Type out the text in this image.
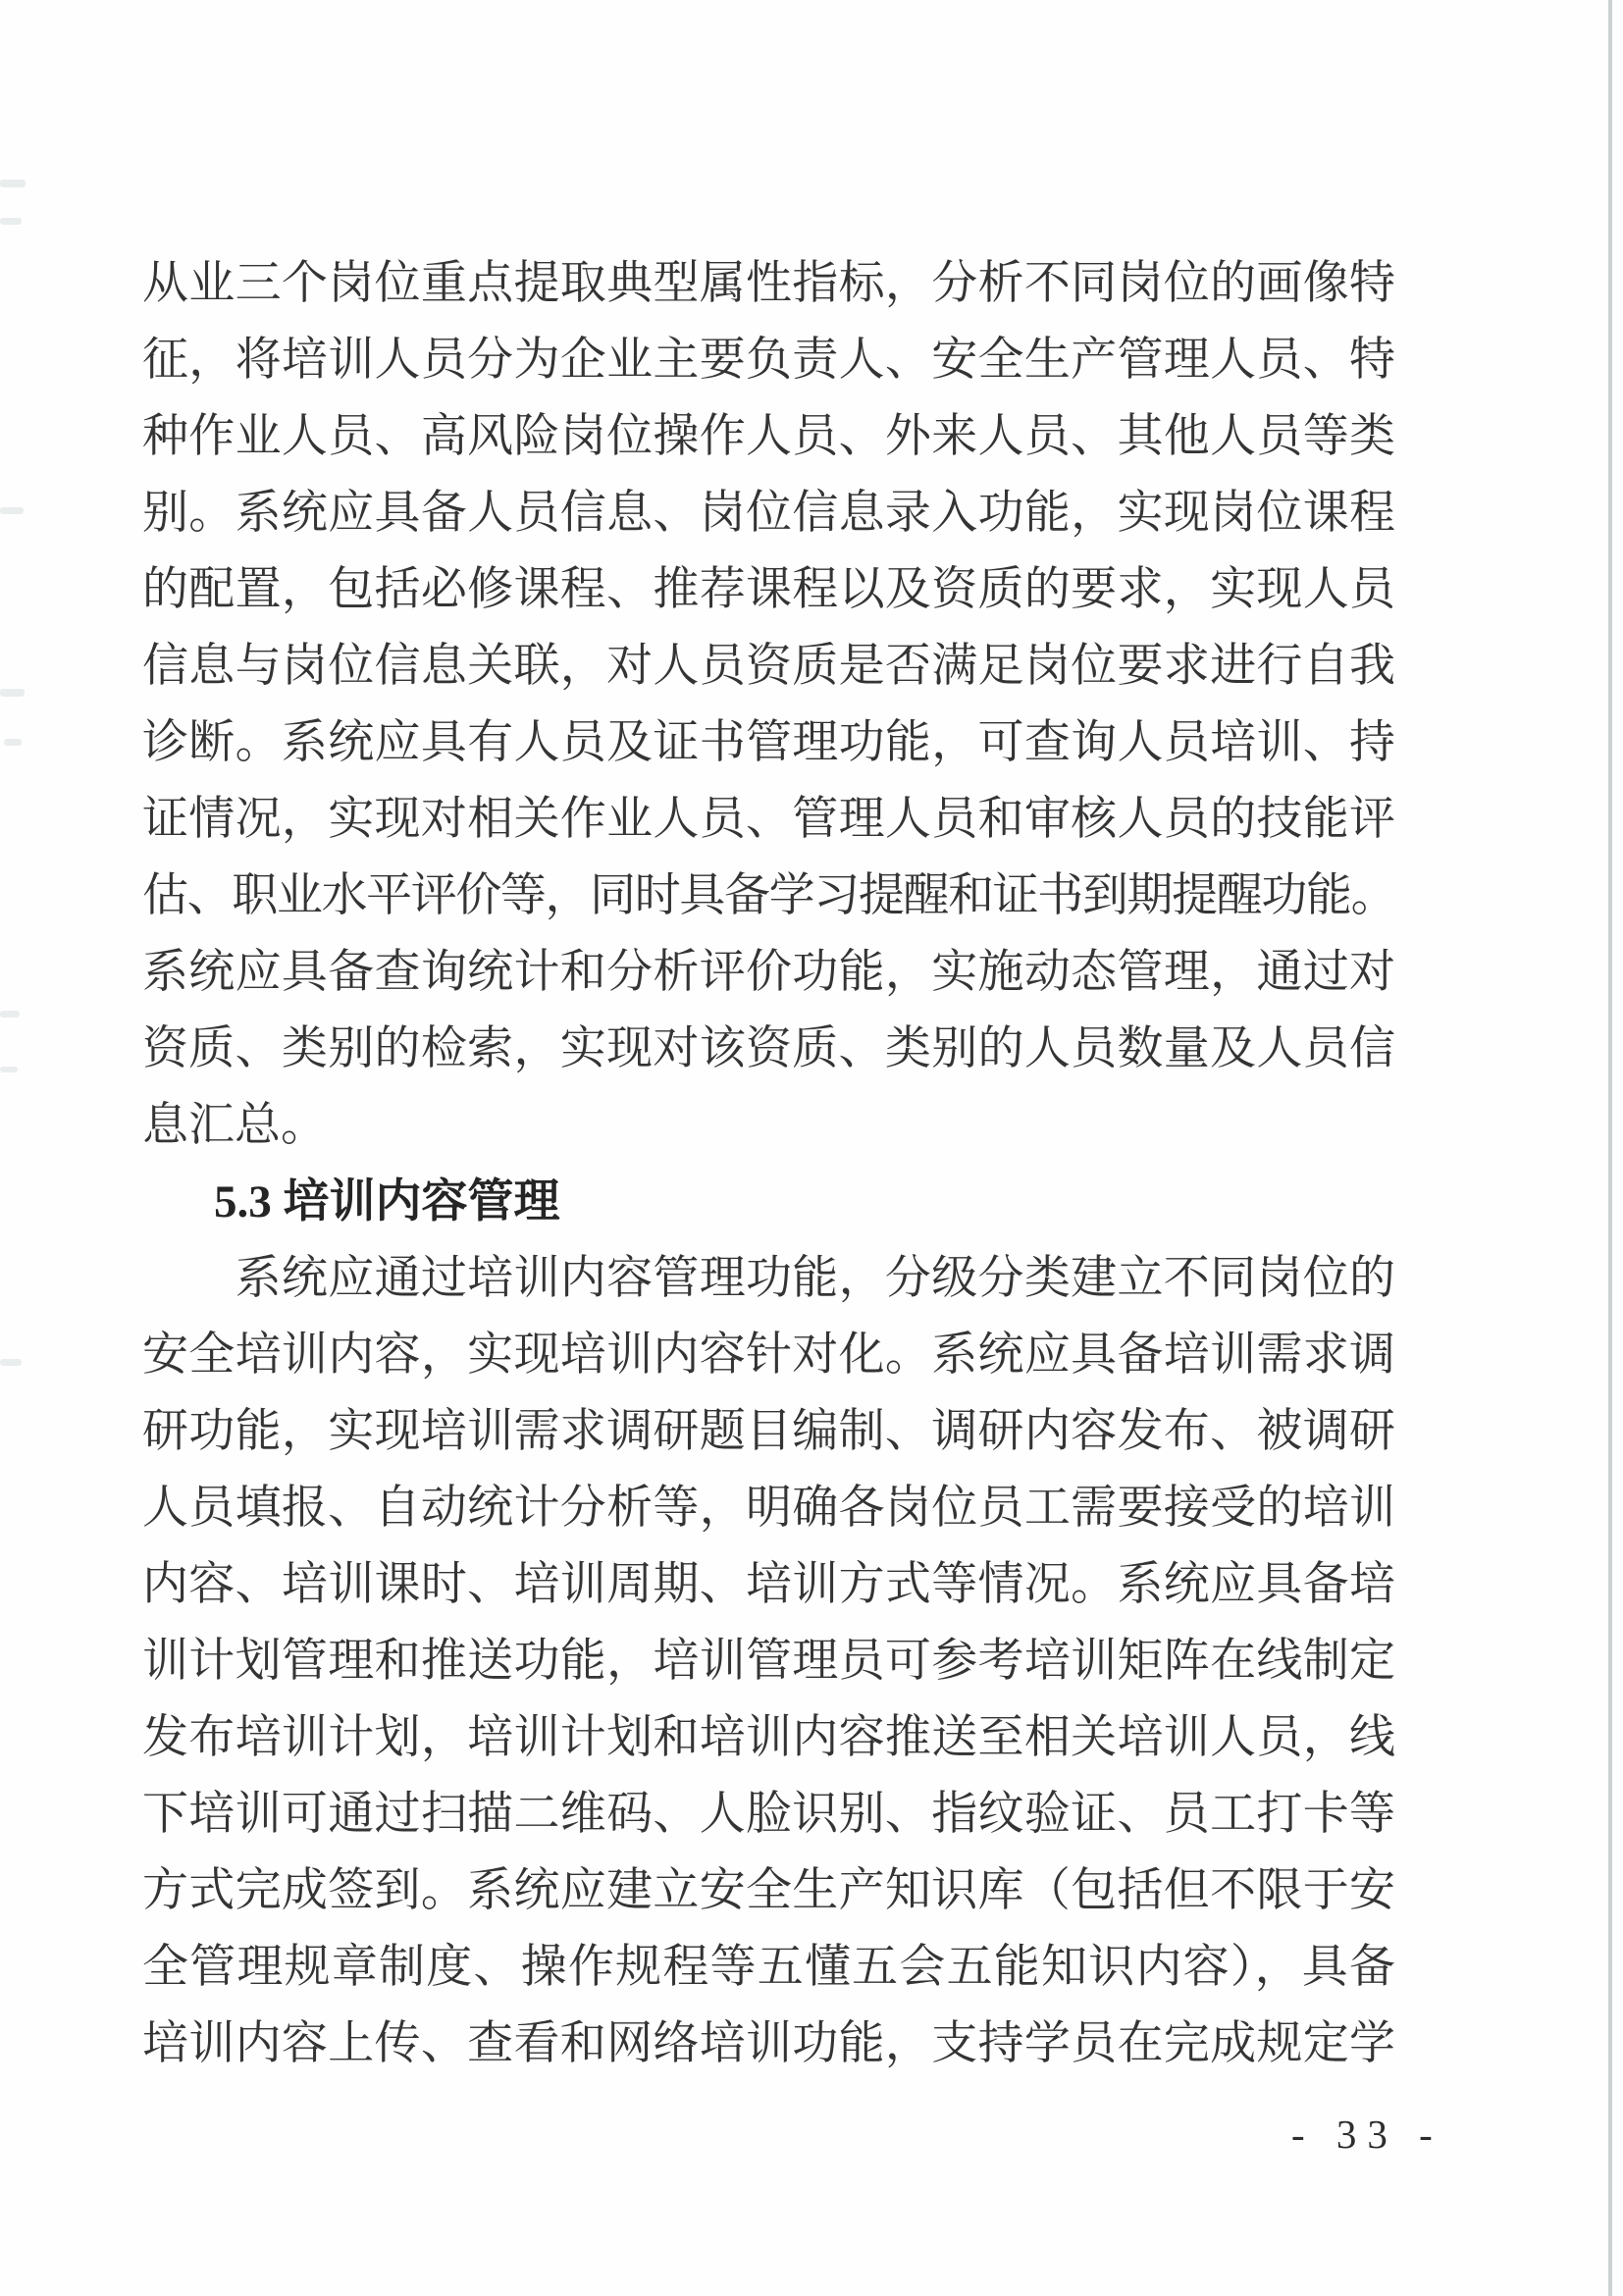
从业三个岗位重点提取典型属性指标，分析不同岗位的画像特
征，将培训人员分为企业主要负责人、安全生产管理人员、特
种作业人员、高风险岗位操作人员、外来人员、其他人员等类
别。系统应具备人员信息、岗位信息录入功能，实现岗位课程
的配置，包括必修课程、推荐课程以及资质的要求，实现人员
信息与岗位信息关联，对人员资质是否满足岗位要求进行自我
诊断。系统应具有人员及证书管理功能，可查询人员培训、持
证情况，实现对相关作业人员、管理人员和审核人员的技能评
估、职业水平评价等，同时具备学习提醒和证书到期提醒功能。
系统应具备查询统计和分析评价功能，实施动态管理，通过对
资质、类别的检索，实现对该资质、类别的人员数量及人员信
息汇总。
5.3 培训内容管理
　　系统应通过培训内容管理功能，分级分类建立不同岗位的
安全培训内容，实现培训内容针对化。系统应具备培训需求调
研功能，实现培训需求调研题目编制、调研内容发布、被调研
人员填报、自动统计分析等，明确各岗位员工需要接受的培训
内容、培训课时、培训周期、培训方式等情况。系统应具备培
训计划管理和推送功能，培训管理员可参考培训矩阵在线制定
发布培训计划，培训计划和培训内容推送至相关培训人员，线
下培训可通过扫描二维码、人脸识别、指纹验证、员工打卡等
方式完成签到。系统应建立安全生产知识库（包括但不限于安
全管理规章制度、操作规程等五懂五会五能知识内容），具备
培训内容上传、查看和网络培训功能，支持学员在完成规定学
- 33 -
